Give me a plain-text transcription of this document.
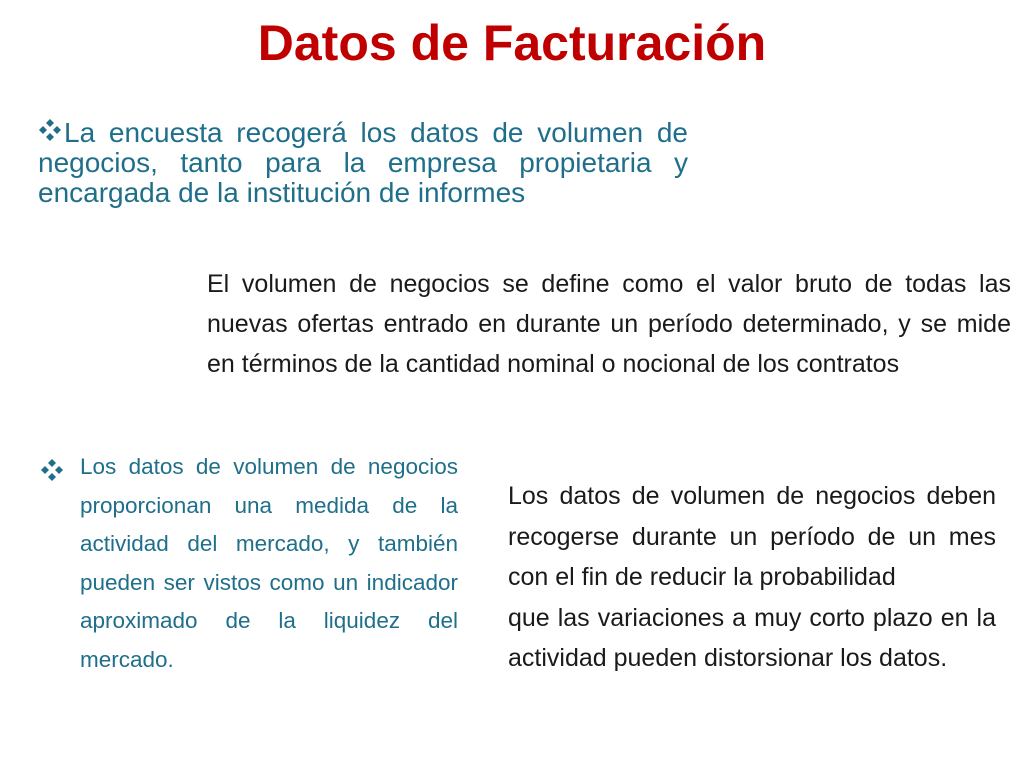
Datos de Facturación
La encuesta recogerá los datos de volumen de negocios, tanto para la empresa propietaria y encargada de la institución de informes
El volumen de negocios se define como el valor bruto de todas las nuevas ofertas entrado en durante un período determinado, y se mide en términos de la cantidad nominal o nocional de los contratos
Los datos de volumen de negocios proporcionan una medida de la actividad del mercado, y también pueden ser vistos como un indicador aproximado de la liquidez del mercado.

Los datos de volumen de negocios deben recogerse durante un período de un mes con el fin de reducir la probabilidad

que las variaciones a muy corto plazo en la actividad pueden distorsionar los datos.
